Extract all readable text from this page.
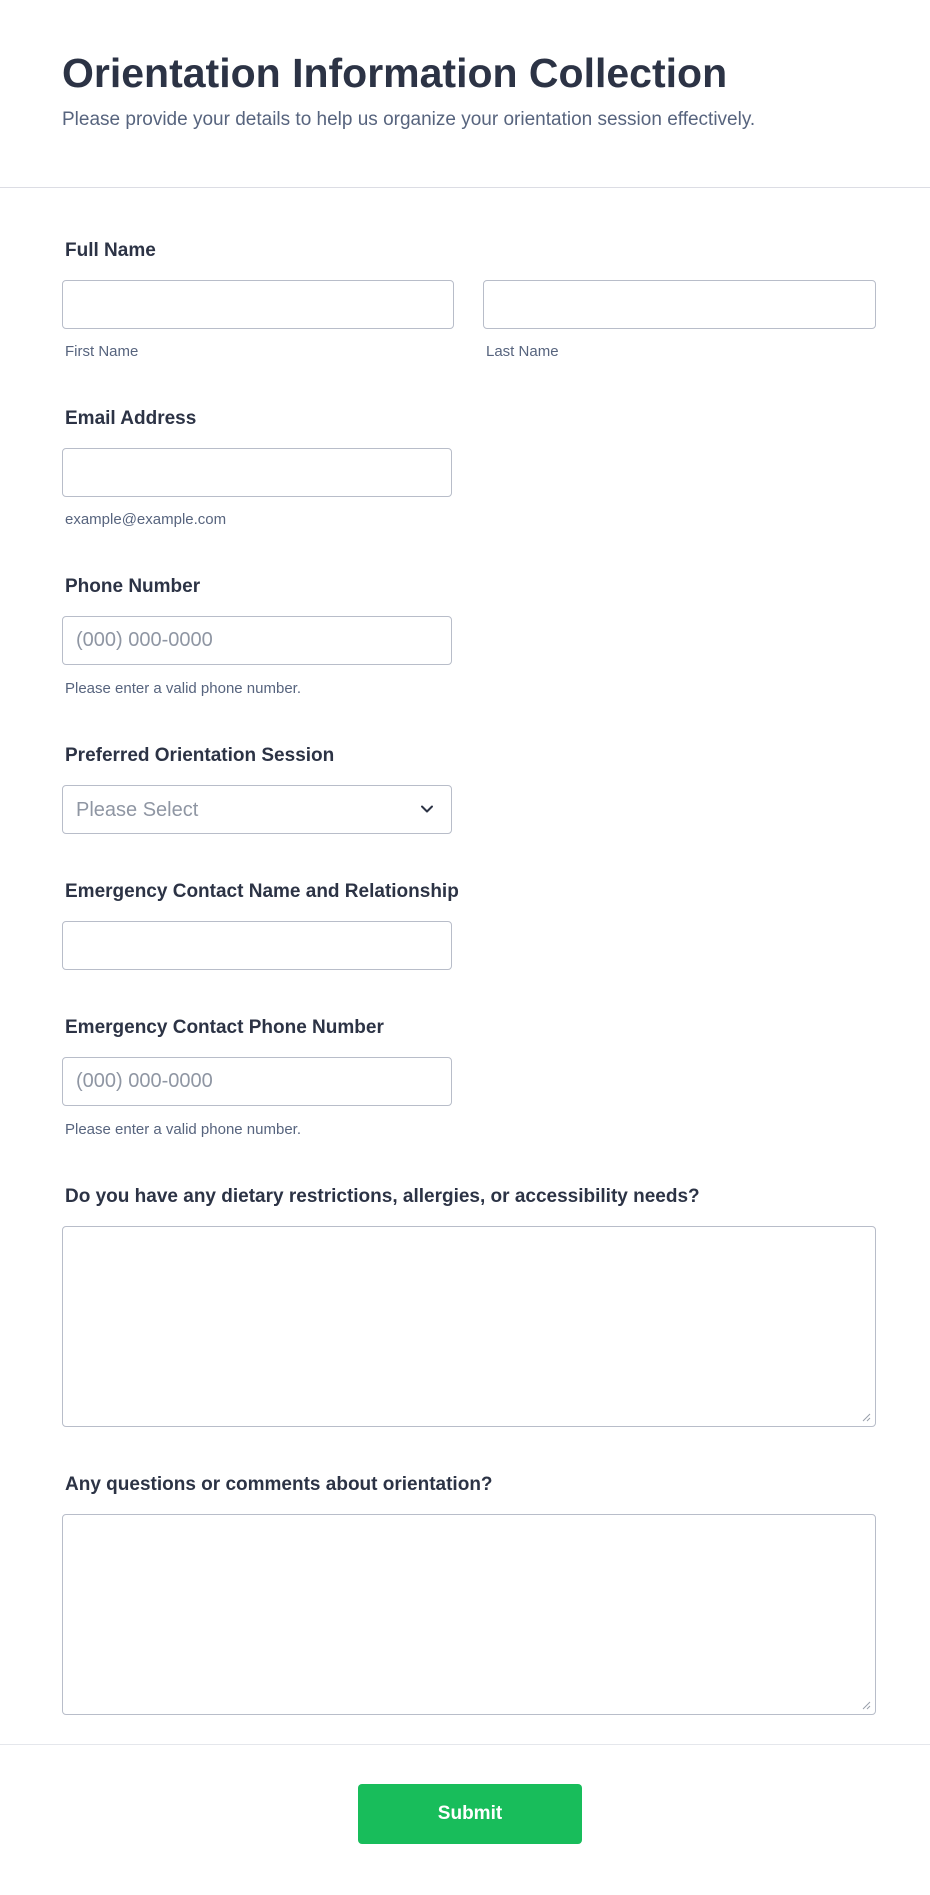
Orientation Information Collection
Please provide your details to help us organize your orientation session effectively.
Full Name
First Name	Last Name
Email Address
example@example.com
Phone Number
(000) 000-0000
Please enter a valid phone number.
Preferred Orientation Session
Please Select
Emergency Contact Name and Relationship
Emergency Contact Phone Number
(000) 000-0000
Please enter a valid phone number.
Do you have any dietary restrictions, allergies, or accessibility needs?
Any questions or comments about orientation?
Submit
